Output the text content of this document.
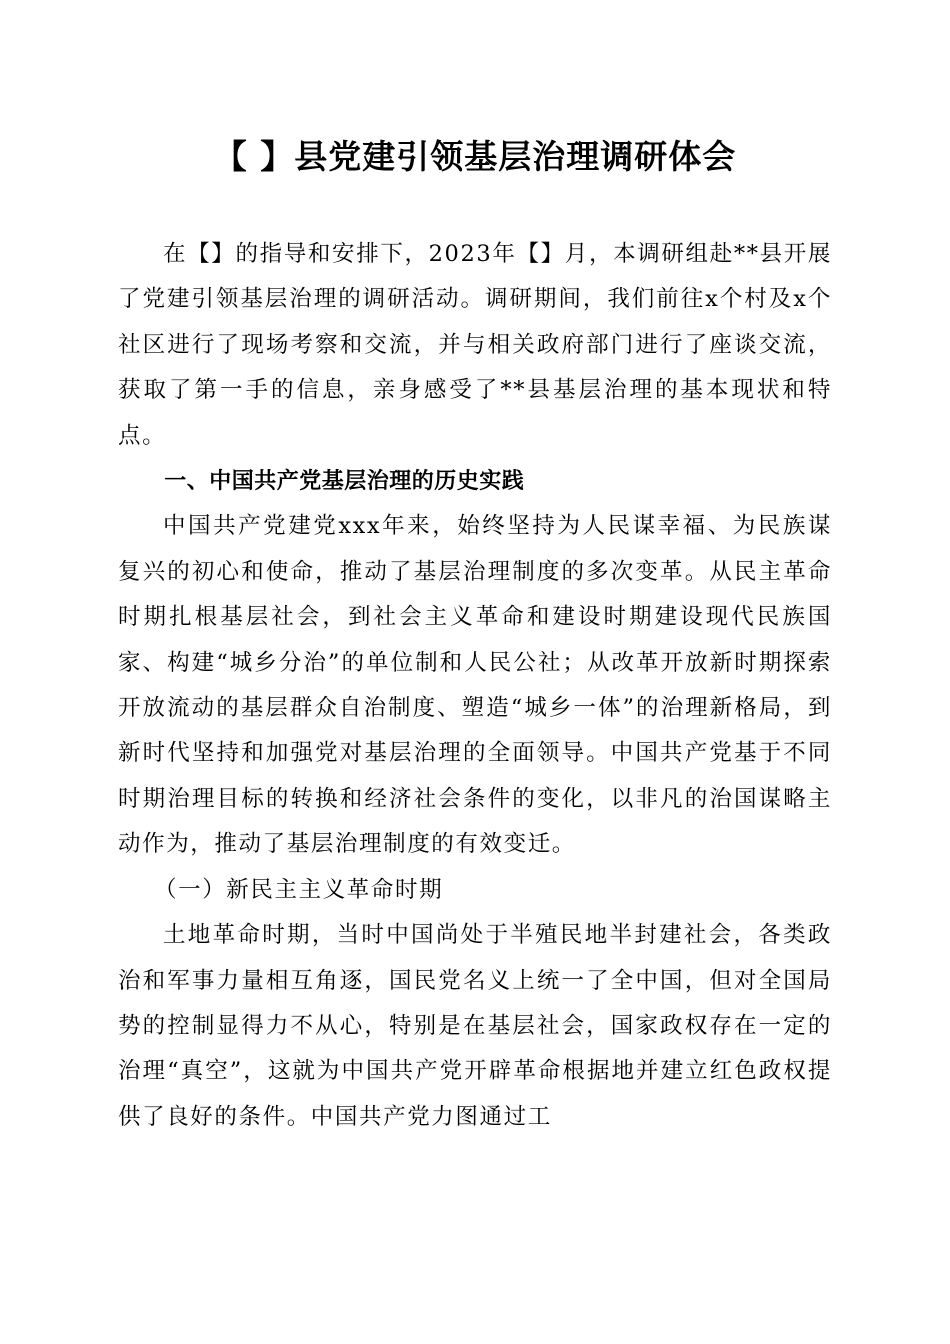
【 】县党建引领基层治理调研体会

在【】的指导和安排下，2023年【】月，本调研组赴**县开展了党建引领基层治理的调研活动。调研期间，我们前往x个村及x个社区进行了现场考察和交流，并与相关政府部门进行了座谈交流，获取了第一手的信息，亲身感受了**县基层治理的基本现状和特点。

一、中国共产党基层治理的历史实践

中国共产党建党xxx年来，始终坚持为人民谋幸福、为民族谋复兴的初心和使命，推动了基层治理制度的多次变革。从民主革命时期扎根基层社会，到社会主义革命和建设时期建设现代民族国家、构建“城乡分治”的单位制和人民公社；从改革开放新时期探索开放流动的基层群众自治制度、塑造“城乡一体”的治理新格局，到新时代坚持和加强党对基层治理的全面领导。中国共产党基于不同时期治理目标的转换和经济社会条件的变化，以非凡的治国谋略主动作为，推动了基层治理制度的有效变迁。

（一）新民主主义革命时期

土地革命时期，当时中国尚处于半殖民地半封建社会，各类政治和军事力量相互角逐，国民党名义上统一了全中国，但对全国局势的控制显得力不从心，特别是在基层社会，国家政权存在一定的治理“真空”，这就为中国共产党开辟革命根据地并建立红色政权提供了良好的条件。中国共产党力图通过工
